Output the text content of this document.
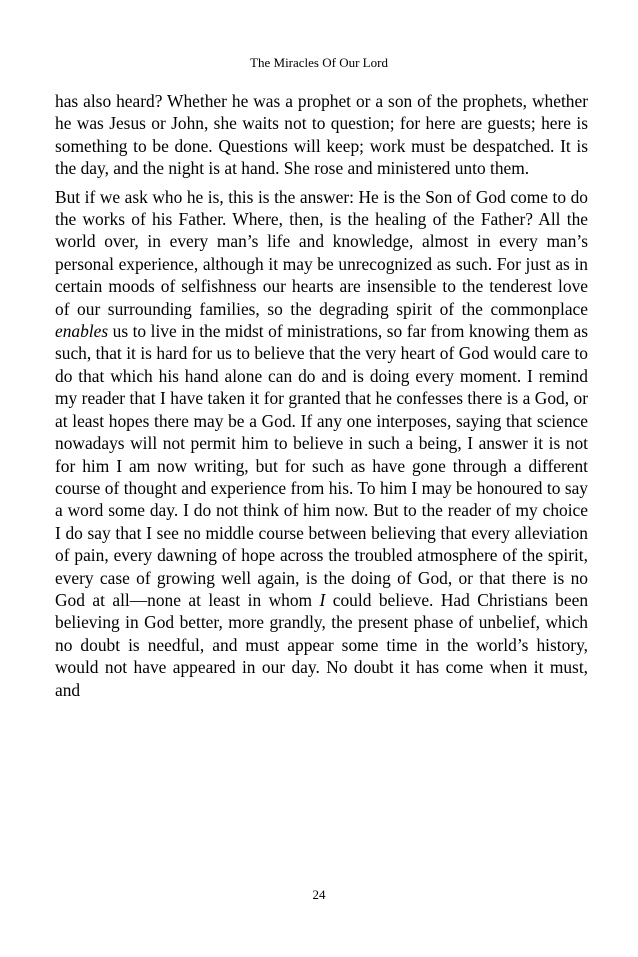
The Miracles Of Our Lord

has also heard? Whether he was a prophet or a son of the prophets, whether he was Jesus or John, she waits not to question; for here are guests; here is something to be done. Questions will keep; work must be despatched. It is the day, and the night is at hand. She rose and ministered unto them.

But if we ask who he is, this is the answer: He is the Son of God come to do the works of his Father. Where, then, is the healing of the Father? All the world over, in every man’s life and knowledge, almost in every man’s personal experience, although it may be unrecognized as such. For just as in certain moods of selfishness our hearts are insensible to the tenderest love of our surrounding families, so the degrading spirit of the commonplace enables us to live in the midst of ministrations, so far from knowing them as such, that it is hard for us to believe that the very heart of God would care to do that which his hand alone can do and is doing every moment. I remind my reader that I have taken it for granted that he confesses there is a God, or at least hopes there may be a God. If any one interposes, saying that science nowadays will not permit him to believe in such a being, I answer it is not for him I am now writing, but for such as have gone through a different course of thought and experience from his. To him I may be honoured to say a word some day. I do not think of him now. But to the reader of my choice I do say that I see no middle course between believing that every alleviation of pain, every dawning of hope across the troubled atmosphere of the spirit, every case of growing well again, is the doing of God, or that there is no God at all—none at least in whom I could believe. Had Christians been believing in God better, more grandly, the present phase of unbelief, which no doubt is needful, and must appear some time in the world’s history, would not have appeared in our day. No doubt it has come when it must, and

24
